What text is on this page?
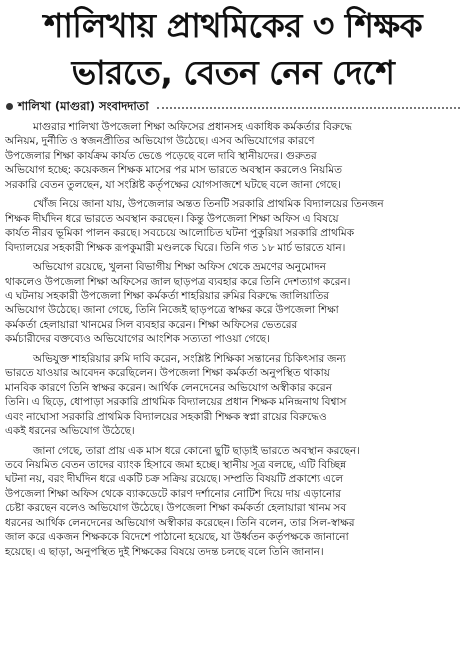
শালিখায় প্রাথমিকের ৩ শিক্ষক
ভারতে, বেতন নেন দেশে
শালিখা (মাগুরা) সংবাদদাতা

মাগুরার শালিখা উপজেলা শিক্ষা অফিসের প্রধানসহ একাধিক কর্মকর্তার বিরুদ্ধে
অনিয়ম, দুর্নীতি ও স্বজনপ্রীতির অভিযোগ উঠেছে। এসব অভিযোগের কারণে
উপজেলার শিক্ষা কার্যক্রম কার্যত ভেঙে পড়েছে বলে দাবি স্থানীয়দের। গুরুতর
অভিযোগ হচ্ছে: কয়েকজন শিক্ষক মাসের পর মাস ভারতে অবস্থান করলেও নিয়মিত
সরকারি বেতন তুলছেন, যা সংশ্লিষ্ট কর্তৃপক্ষের যোগসাজশে ঘটছে বলে জানা গেছে।

খোঁজ নিয়ে জানা যায়, উপজেলার অন্তত তিনটি সরকারি প্রাথমিক বিদ্যালয়ের তিনজন
শিক্ষক দীর্ঘদিন ধরে ভারতে অবস্থান করছেন। কিন্তু উপজেলা শিক্ষা অফিস এ বিষয়ে
কার্যত নীরব ভূমিকা পালন করছে। সবচেয়ে আলোচিত ঘটনা পুকুরিয়া সরকারি প্রাথমিক
বিদ্যালয়ের সহকারী শিক্ষক রূপকুমারী মণ্ডলকে ঘিরে। তিনি গত ১৮ মার্চ ভারতে যান।

অভিযোগ রয়েছে, খুলনা বিভাগীয় শিক্ষা অফিস থেকে ভ্রমণের অনুমোদন
থাকলেও উপজেলা শিক্ষা অফিসের জাল ছাড়পত্র ব্যবহার করে তিনি দেশত্যাগ করেন।
এ ঘটনায় সহকারী উপজেলা শিক্ষা কর্মকর্তা শাহরিয়ার রুমির বিরুদ্ধে জালিয়াতির
অভিযোগ উঠেছে। জানা গেছে, তিনি নিজেই ছাড়পত্রে স্বাক্ষর করে উপজেলা শিক্ষা
কর্মকর্তা হেলায়ারা খানমের সিল ব্যবহার করেন। শিক্ষা অফিসের ভেতরের
কর্মচারীদের বক্তব্যেও অভিযোগের আংশিক সত্যতা পাওয়া গেছে।

অভিযুক্ত শাহরিয়ার রুমি দাবি করেন, সংশ্লিষ্ট শিক্ষিকা সন্তানের চিকিৎসার জন্য
ভারতে যাওয়ার আবেদন করেছিলেন। উপজেলা শিক্ষা কর্মকর্তা অনুপস্থিত থাকায়
মানবিক কারণে তিনি স্বাক্ষর করেন। আর্থিক লেনদেনের অভিযোগ অস্বীকার করেন
তিনি। এ ছিড়ে, ধোপাড়া সরকারি প্রাথমিক বিদ্যালয়ের প্রধান শিক্ষক মনিন্দ্রনাথ বিশ্বাস
এবং নাঘোসা সরকারি প্রাথমিক বিদ্যালয়ের সহকারী শিক্ষক স্বপ্না রায়ের বিরুদ্ধেও
একই ধরনের অভিযোগ উঠেছে।

জানা গেছে, তারা প্রায় এক মাস ধরে কোনো ছুটি ছাড়াই ভারতে অবস্থান করছেন।
তবে নিয়মিত বেতন তাদের ব্যাংক হিসাবে জমা হচ্ছে। স্থানীয় সূত্র বলছে, এটি বিচ্ছিন্ন
ঘটনা নয়, বরং দীর্ঘদিন ধরে একটি চক্র সক্রিয় রয়েছে। সম্প্রতি বিষয়টি প্রকাশ্যে এলে
উপজেলা শিক্ষা অফিস থেকে ব্যাকডেটে কারণ দর্শানোর নোটিশ দিয়ে দায় এড়ানোর
চেষ্টা করছেন বলেও অভিযোগ উঠেছে। উপজেলা শিক্ষা কর্মকর্তা হেলায়ারা খানম সব
ধরনের আর্থিক লেনদেনের অভিযোগ অস্বীকার করেছেন। তিনি বলেন, তার সিল-স্বাক্ষর
জাল করে একজন শিক্ষককে বিদেশে পাঠানো হয়েছে, যা উর্ধ্বতন কর্তৃপক্ষকে জানানো
হয়েছে। এ ছাড়া, অনুপস্থিত দুই শিক্ষকের বিষয়ে তদন্ত চলছে বলে তিনি জানান।
